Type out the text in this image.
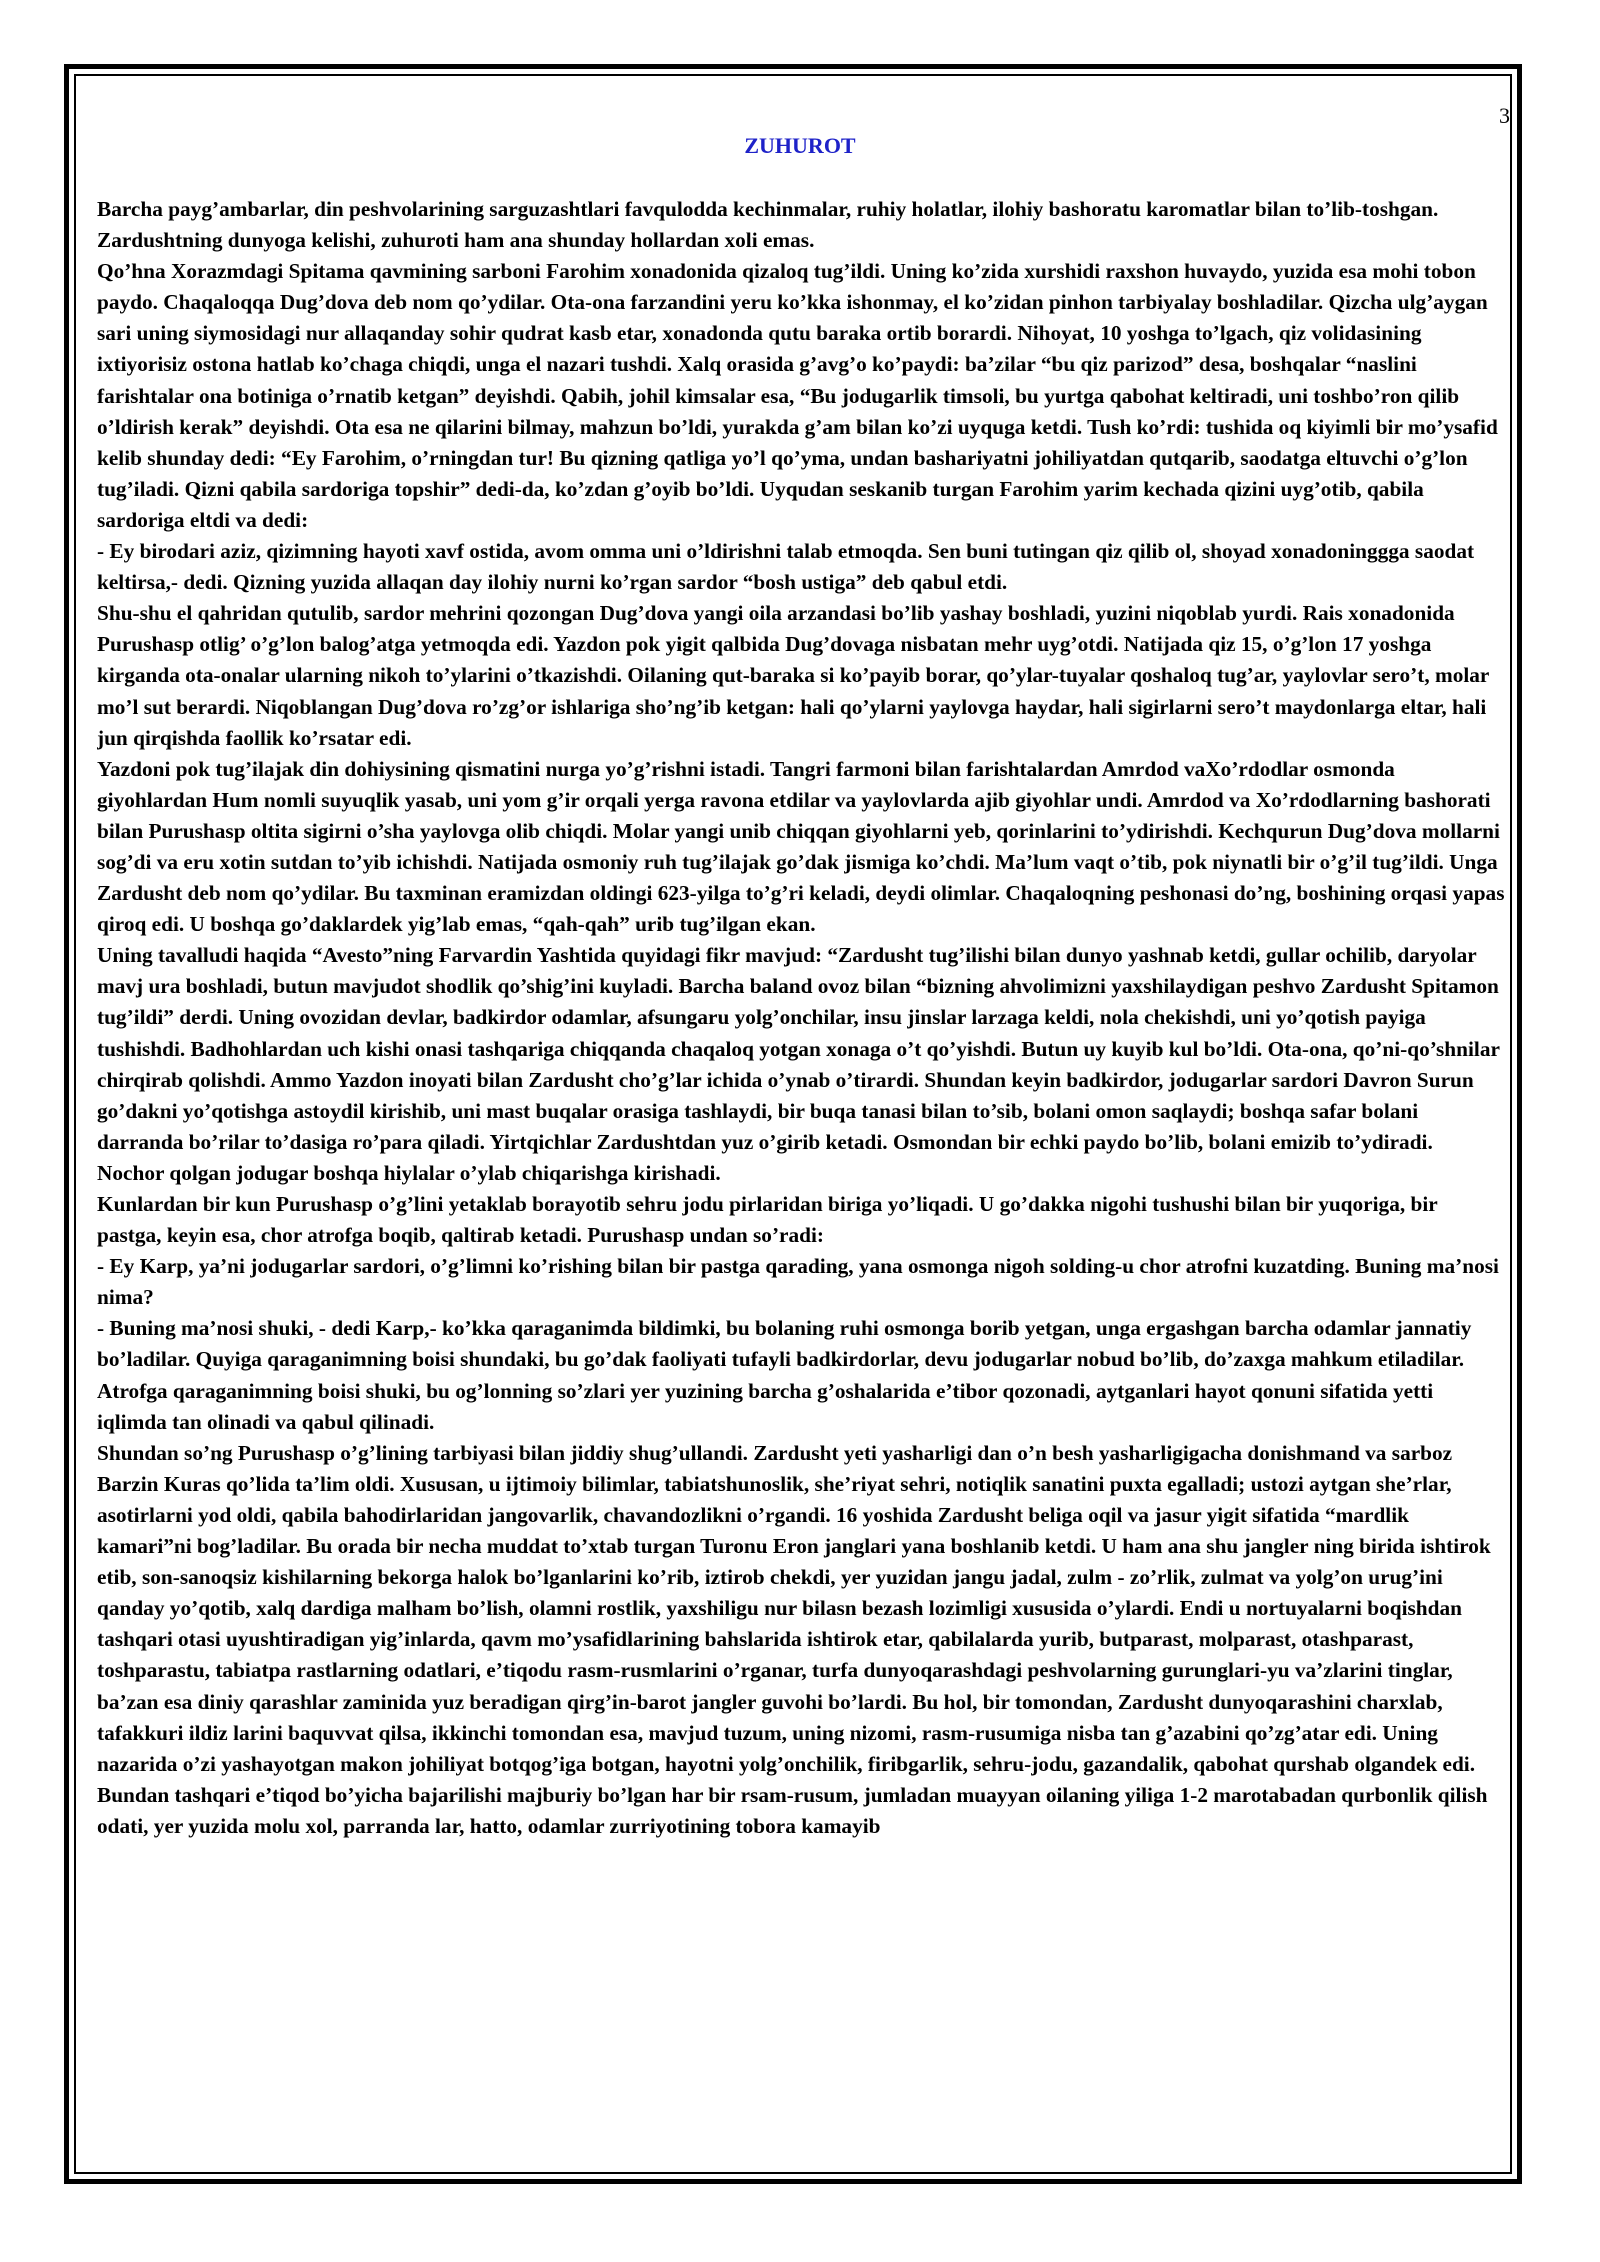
3
ZUHUROT

Barcha payg’ambarlar, din peshvolarining sarguzashtlari favqulodda kechinmalar, ruhiy holatlar, ilohiy bashoratu karomatlar bilan to’lib-toshgan. Zardushtning dunyoga kelishi, zuhuroti ham ana shunday hollardan xoli emas.

Qo’hna Xorazmdagi Spitama qavmining sarboni Farohim xonadonida qizaloq tug’ildi. Uning ko’zida xurshidi raxshon huvaydo, yuzida esa mohi tobon paydo. Chaqaloqqa Dug’dova deb nom qo’ydilar. Ota-ona farzandini yeru ko’kka ishonmay, el ko’zidan pinhon tarbiyalay boshladilar. Qizcha ulg’aygan sari uning siymosidagi nur allaqanday sohir qudrat kasb etar, xonadonda qutu baraka ortib borardi. Nihoyat, 10 yoshga to’lgach, qiz volidasining ixtiyorisiz ostona hatlab ko’chaga chiqdi, unga el nazari tushdi. Xalq orasida g’avg’o ko’paydi: ba’zilar “bu qiz parizod” desa, boshqalar “naslini farishtalar ona botiniga o’rnatib ketgan” deyishdi. Qabih, johil kimsalar esa, “Bu jodugarlik timsoli, bu yurtga qabohat keltiradi, uni toshbo’ron qilib o’ldirish kerak” deyishdi. Ota esa ne qilarini bilmay, mahzun bo’ldi, yurakda g’am bilan ko’zi uyquga ketdi. Tush ko’rdi: tushida oq kiyimli bir mo’ysafid kelib shunday dedi: “Ey Farohim, o’rningdan tur! Bu qizning qatliga yo’l qo’yma, undan bashariyatni johiliyatdan qutqarib, saodatga eltuvchi o’g’lon tug’iladi. Qizni qabila sardoriga topshir” dedi-da, ko’zdan g’oyib bo’ldi. Uyqudan seskanib turgan Farohim yarim kechada qizini uyg’otib, qabila sardoriga eltdi va dedi:

- Ey birodari aziz, qizimning hayoti xavf ostida, avom omma uni o’ldirishni talab etmoqda. Sen buni tutingan qiz qilib ol, shoyad xonadoninggga saodat keltirsa,- dedi. Qizning yuzida allaqan day ilohiy nurni ko’rgan sardor “bosh ustiga” deb qabul etdi.

Shu-shu el qahridan qutulib, sardor mehrini qozongan Dug’dova yangi oila arzandasi bo’lib yashay boshladi, yuzini niqoblab yurdi. Rais xonadonida Purushasp otlig’ o’g’lon balog’atga yetmoqda edi. Yazdon pok yigit qalbida Dug’dovaga nisbatan mehr uyg’otdi. Natijada qiz 15, o’g’lon 17 yoshga kirganda ota-onalar ularning nikoh to’ylarini o’tkazishdi. Oilaning qut-baraka si ko’payib borar, qo’ylar-tuyalar qoshaloq tug’ar, yaylovlar sero’t, molar mo’l sut berardi. Niqoblangan Dug’dova ro’zg’or ishlariga sho’ng’ib ketgan: hali qo’ylarni yaylovga haydar, hali sigirlarni sero’t maydonlarga eltar, hali jun qirqishda faollik ko’rsatar edi.

Yazdoni pok tug’ilajak din dohiysining qismatini nurga yo’g’rishni istadi. Tangri farmoni bilan farishtalardan Amrdod vaXo’rdodlar osmonda giyohlardan Hum nomli suyuqlik yasab, uni yom g’ir orqali yerga ravona etdilar va yaylovlarda ajib giyohlar undi. Amrdod va Xo’rdodlarning bashorati bilan Purushasp oltita sigirni o’sha yaylovga olib chiqdi. Molar yangi unib chiqqan giyohlarni yeb, qorinlarini to’ydirishdi. Kechqurun Dug’dova mollarni sog’di va eru xotin sutdan to’yib ichishdi. Natijada osmoniy ruh tug’ilajak go’dak jismiga ko’chdi. Ma’lum vaqt o’tib, pok niynatli bir o’g’il tug’ildi. Unga Zardusht deb nom qo’ydilar. Bu taxminan eramizdan oldingi 623-yilga to’g’ri keladi, deydi olimlar. Chaqaloqning peshonasi do’ng, boshining orqasi yapas qiroq edi. U boshqa go’daklardek yig’lab emas, “qah-qah” urib tug’ilgan ekan.

Uning tavalludi haqida “Avesto”ning Farvardin Yashtida quyidagi fikr mavjud: “Zardusht tug’ilishi bilan dunyo yashnab ketdi, gullar ochilib, daryolar mavj ura boshladi, butun mavjudot shodlik qo’shig’ini kuyladi. Barcha baland ovoz bilan “bizning ahvolimizni yaxshilaydigan peshvo Zardusht Spitamon tug’ildi” derdi. Uning ovozidan devlar, badkirdor odamlar, afsungaru yolg’onchilar, insu jinslar larzaga keldi, nola chekishdi, uni yo’qotish payiga tushishdi. Badhohlardan uch kishi onasi tashqariga chiqqanda chaqaloq yotgan xonaga o’t qo’yishdi. Butun uy kuyib kul bo’ldi. Ota-ona, qo’ni-qo’shnilar chirqirab qolishdi. Ammo Yazdon inoyati bilan Zardusht cho’g’lar ichida o’ynab o’tirardi. Shundan keyin badkirdor, jodugarlar sardori Davron Surun go’dakni yo’qotishga astoydil kirishib, uni mast buqalar orasiga tashlaydi, bir buqa tanasi bilan to’sib, bolani omon saqlaydi; boshqa safar bolani darranda bo’rilar to’dasiga ro’para qiladi. Yirtqichlar Zardushtdan yuz o’girib ketadi. Osmondan bir echki paydo bo’lib, bolani emizib to’ydiradi.

Nochor qolgan jodugar boshqa hiylalar o’ylab chiqarishga kirishadi.

Kunlardan bir kun Purushasp o’g’lini yetaklab borayotib sehru jodu pirlaridan biriga yo’liqadi. U go’dakka nigohi tushushi bilan bir yuqoriga, bir pastga, keyin esa, chor atrofga boqib, qaltirab ketadi. Purushasp undan so’radi:

- Ey Karp, ya’ni jodugarlar sardori, o’g’limni ko’rishing bilan bir pastga qarading, yana osmonga nigoh solding-u chor atrofni kuzatding. Buning ma’nosi nima?

- Buning ma’nosi shuki, - dedi Karp,- ko’kka qaraganimda bildimki, bu bolaning ruhi osmonga borib yetgan, unga ergashgan barcha odamlar jannatiy bo’ladilar. Quyiga qaraganimning boisi shundaki, bu go’dak faoliyati tufayli badkirdorlar, devu jodugarlar nobud bo’lib, do’zaxga mahkum etiladilar. Atrofga qaraganimning boisi shuki, bu og’lonning so’zlari yer yuzining barcha g’oshalarida e’tibor qozonadi, aytganlari hayot qonuni sifatida yetti iqlimda tan olinadi va qabul qilinadi.

Shundan so’ng Purushasp o’g’lining tarbiyasi bilan jiddiy shug’ullandi. Zardusht yeti yasharligi dan o’n besh yasharligigacha donishmand va sarboz Barzin Kuras qo’lida ta’lim oldi. Xususan, u ijtimoiy bilimlar, tabiatshunoslik, she’riyat sehri, notiqlik sanatini puxta egalladi; ustozi aytgan she’rlar, asotirlarni yod oldi, qabila bahodirlaridan jangovarlik, chavandozlikni o’rgandi. 16 yoshida Zardusht beliga oqil va jasur yigit sifatida “mardlik kamari”ni bog’ladilar. Bu orada bir necha muddat to’xtab turgan Turonu Eron janglari yana boshlanib ketdi. U ham ana shu jangler ning birida ishtirok etib, son-sanoqsiz kishilarning bekorga halok bo’lganlarini ko’rib, iztirob chekdi, yer yuzidan jangu jadal, zulm - zo’rlik, zulmat va yolg’on urug’ini qanday yo’qotib, xalq dardiga malham bo’lish, olamni rostlik, yaxshiligu nur bilasn bezash lozimligi xususida o’ylardi. Endi u nortuyalarni boqishdan tashqari otasi uyushtiradigan yig’inlarda, qavm mo’ysafidlarining bahslarida ishtirok etar, qabilalarda yurib, butparast, molparast, otashparast, toshparastu, tabiatpa rastlarning odatlari, e’tiqodu rasm-rusmlarini o’rganar, turfa dunyoqarashdagi peshvolarning gurunglari-yu va’zlarini tinglar, ba’zan esa diniy qarashlar zaminida yuz beradigan qirg’in-barot jangler guvohi bo’lardi. Bu hol, bir tomondan, Zardusht dunyoqarashini charxlab, tafakkuri ildiz larini baquvvat qilsa, ikkinchi tomondan esa, mavjud tuzum, uning nizomi, rasm-rusumiga nisba tan g’azabini qo’zg’atar edi. Uning nazarida o’zi yashayotgan makon johiliyat botqog’iga botgan, hayotni yolg’onchilik, firibgarlik, sehru-jodu, gazandalik, qabohat qurshab olgandek edi. Bundan tashqari e’tiqod bo’yicha bajarilishi majburiy bo’lgan har bir rsam-rusum, jumladan muayyan oilaning yiliga 1-2 marotabadan qurbonlik qilish odati, yer yuzida molu xol, parranda lar, hatto, odamlar zurriyotining tobora kamayib
